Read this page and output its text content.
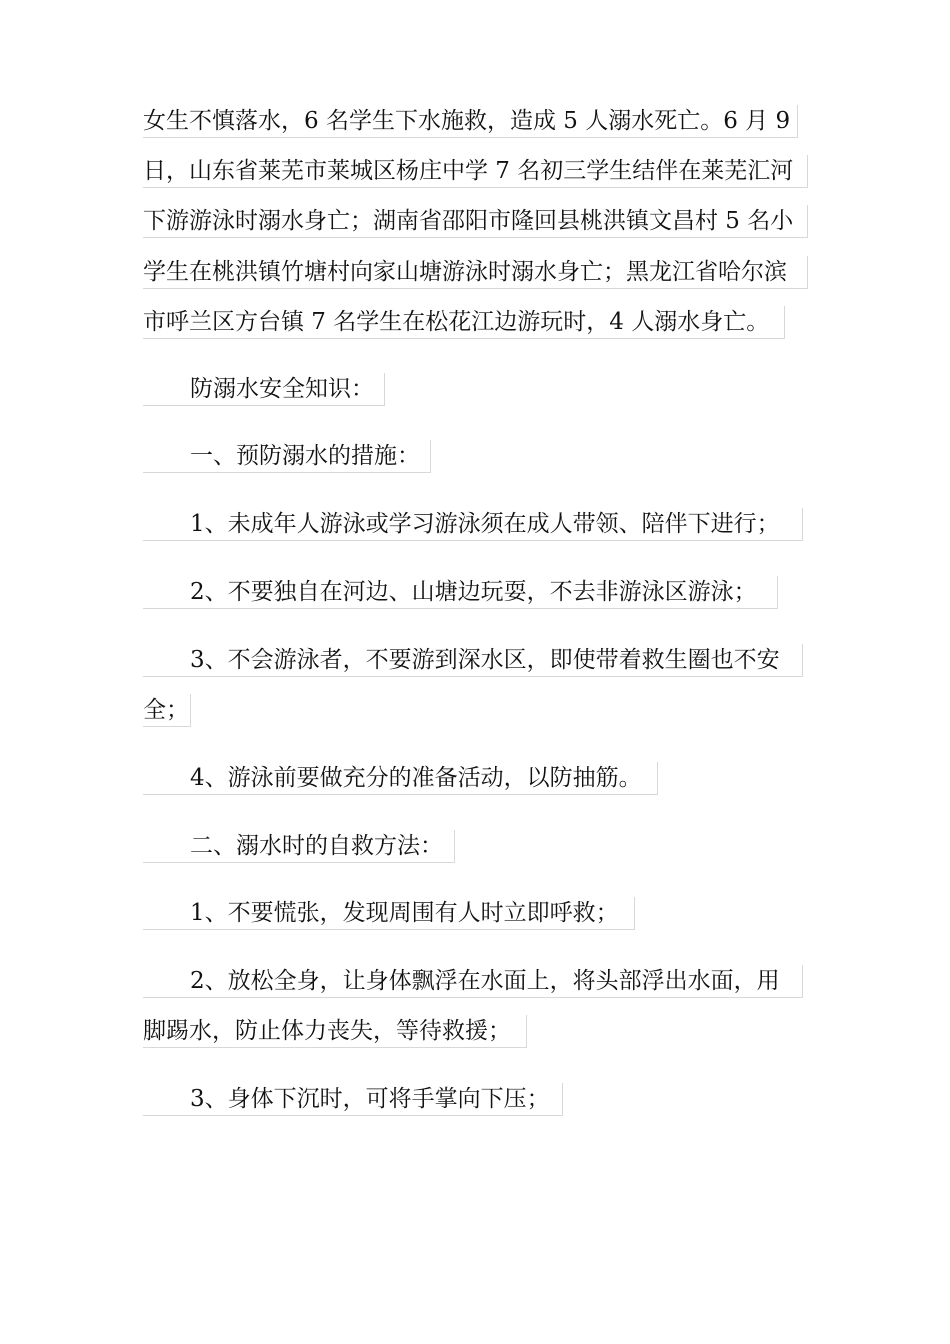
女生不慎落水，6 名学生下水施救，造成 5 人溺水死亡。6 月 9
日，山东省莱芜市莱城区杨庄中学 7 名初三学生结伴在莱芜汇河
下游游泳时溺水身亡；湖南省邵阳市隆回县桃洪镇文昌村 5 名小
学生在桃洪镇竹塘村向家山塘游泳时溺水身亡；黑龙江省哈尔滨
市呼兰区方台镇 7 名学生在松花江边游玩时，4 人溺水身亡。
防溺水安全知识：
一、预防溺水的措施：
1、未成年人游泳或学习游泳须在成人带领、陪伴下进行；
2、不要独自在河边、山塘边玩耍，不去非游泳区游泳；
3、不会游泳者，不要游到深水区，即使带着救生圈也不安
全；
4、游泳前要做充分的准备活动，以防抽筋。
二、溺水时的自救方法：
1、不要慌张，发现周围有人时立即呼救；
2、放松全身，让身体飘浮在水面上，将头部浮出水面，用
脚踢水，防止体力丧失，等待救援；
3、身体下沉时，可将手掌向下压；
